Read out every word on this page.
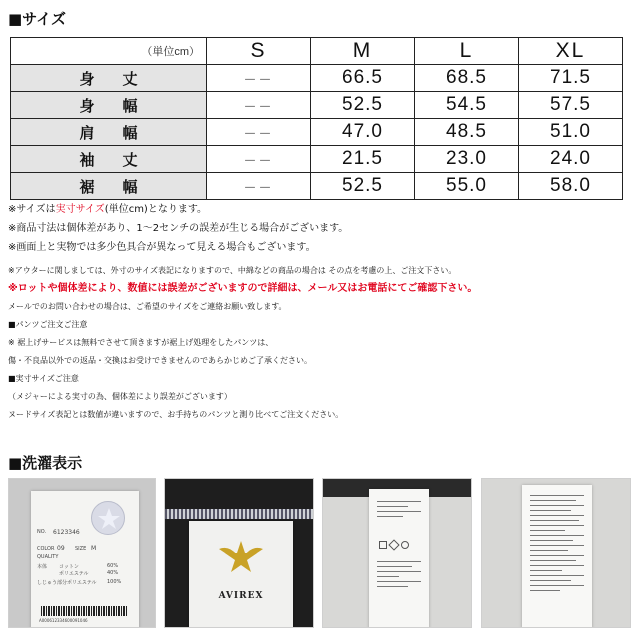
■サイズ
（単位cm）	S	M	L	XL
身丈	－－	66.5	68.5	71.5
身幅	－－	52.5	54.5	57.5
肩幅	－－	47.0	48.5	51.0
袖丈	－－	21.5	23.0	24.0
裾幅	－－	52.5	55.0	58.0
※サイズは実寸サイズ(単位cm)となります。
※商品寸法は個体差があり、1～2センチの誤差が生じる場合がございます。
※画面上と実物では多少色具合が異なって見える場合もございます。
※アウターに関しましては、外寸のサイズ表記になりますので、中綿などの商品の場合は その点を考慮の上、ご注文下さい。
※ロットや個体差により、数値には誤差がございますので詳細は、メール又はお電話にてご確認下さい。
メールでのお問い合わせの場合は、ご希望のサイズをご連絡お願い致します。
■パンツご注文ご注意
※ 裾上げサービスは無料でさせて頂きますが裾上げ処理をしたパンツは、
傷・不良品以外での返品・交換はお受けできませんのであらかじめご了承ください。
■実寸サイズご注意
（メジャーによる実寸の為、個体差により誤差がございます）
ヌードサイズ表記とは数値が違いますので、お手持ちのパンツと測り比べてご注文ください。
■洗濯表示
NO. 6123346
COLOR 09 SIZE M
QUALITY
本体 コットン	60%
ポリエステル	40%
しじゅう部分 ポリエステル 100%
A000612334600091046
AVIREX
